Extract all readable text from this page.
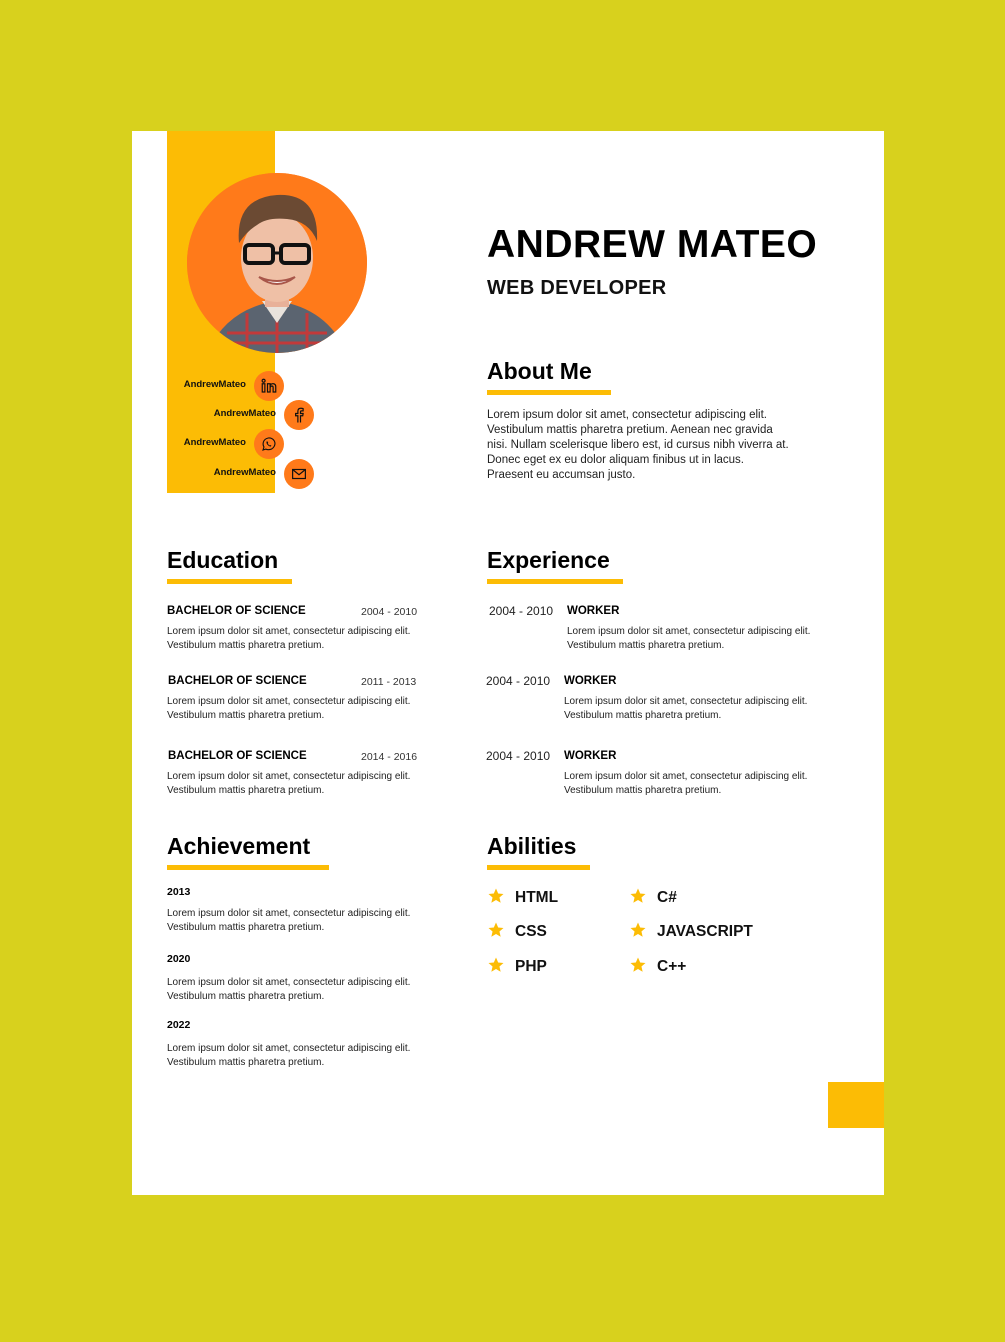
AndrewMateo
AndrewMateo
AndrewMateo
AndrewMateo
ANDREW MATEO
WEB DEVELOPER
About Me
Lorem ipsum dolor sit amet, consectetur adipiscing elit.
Vestibulum mattis pharetra pretium. Aenean nec gravida
nisi. Nullam scelerisque libero est, id cursus nibh viverra at.
Donec eget ex eu dolor aliquam finibus ut in lacus.
Praesent eu accumsan justo.
Education
BACHELOR OF SCIENCE	2004 - 2010
Lorem ipsum dolor sit amet, consectetur adipiscing elit.
Vestibulum mattis pharetra pretium.
BACHELOR OF SCIENCE	2011 - 2013
Lorem ipsum dolor sit amet, consectetur adipiscing elit.
Vestibulum mattis pharetra pretium.
BACHELOR OF SCIENCE	2014 - 2016
Lorem ipsum dolor sit amet, consectetur adipiscing elit.
Vestibulum mattis pharetra pretium.
Experience
2004 - 2010 WORKER
Lorem ipsum dolor sit amet, consectetur adipiscing elit.
Vestibulum mattis pharetra pretium.
2004 - 2010 WORKER
Lorem ipsum dolor sit amet, consectetur adipiscing elit.
Vestibulum mattis pharetra pretium.
2004 - 2010 WORKER
Lorem ipsum dolor sit amet, consectetur adipiscing elit.
Vestibulum mattis pharetra pretium.
Achievement
2013
Lorem ipsum dolor sit amet, consectetur adipiscing elit.
Vestibulum mattis pharetra pretium.
2020
Lorem ipsum dolor sit amet, consectetur adipiscing elit.
Vestibulum mattis pharetra pretium.
2022
Lorem ipsum dolor sit amet, consectetur adipiscing elit.
Vestibulum mattis pharetra pretium.
Abilities
HTML
CSS
PHP
C#
JAVASCRIPT
C++
